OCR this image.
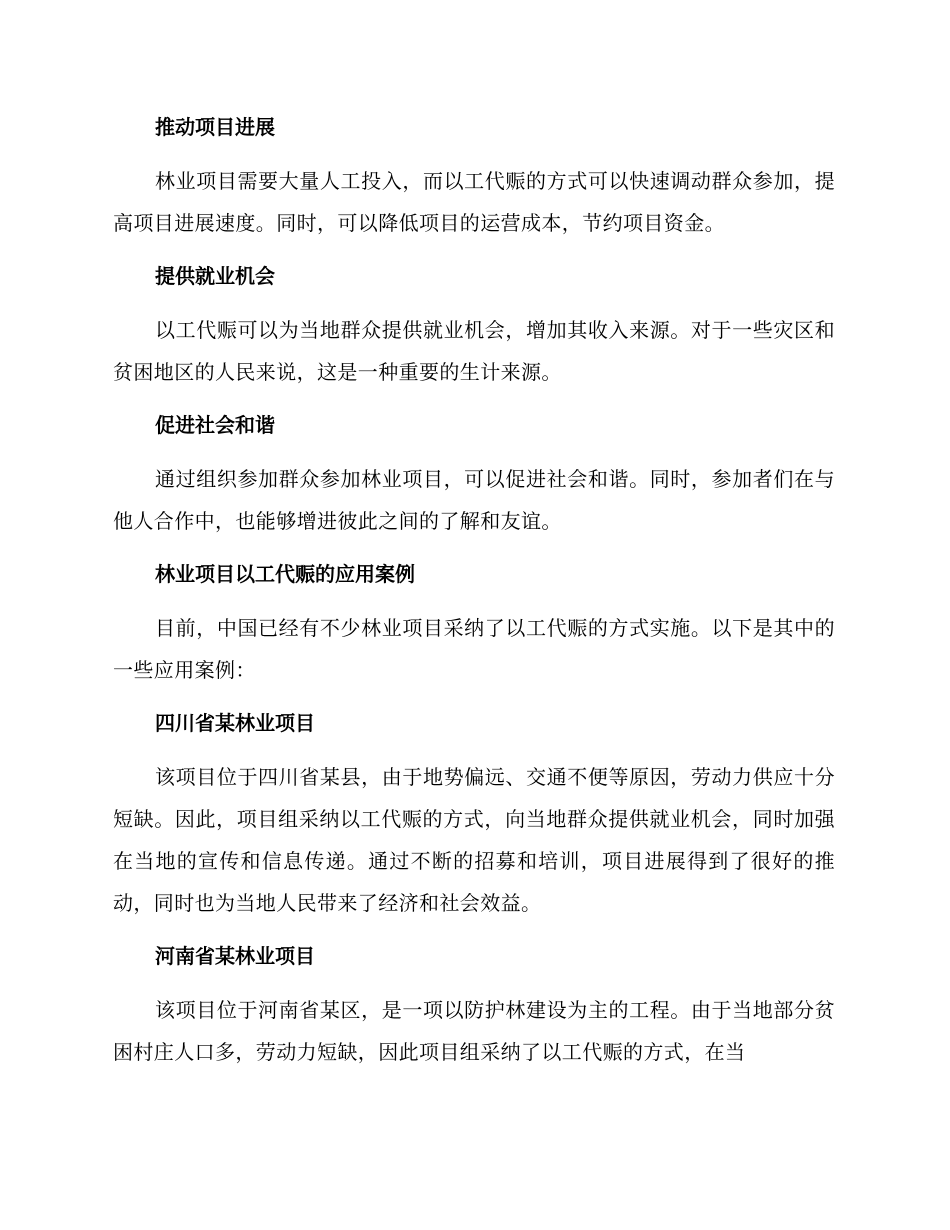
推动项目进展

林业项目需要大量人工投入，而以工代赈的方式可以快速调动群众参加，提高项目进展速度。同时，可以降低项目的运营成本，节约项目资金。

提供就业机会

以工代赈可以为当地群众提供就业机会，增加其收入来源。对于一些灾区和贫困地区的人民来说，这是一种重要的生计来源。

促进社会和谐

通过组织参加群众参加林业项目，可以促进社会和谐。同时，参加者们在与他人合作中，也能够增进彼此之间的了解和友谊。

林业项目以工代赈的应用案例

目前，中国已经有不少林业项目采纳了以工代赈的方式实施。以下是其中的一些应用案例：

四川省某林业项目

该项目位于四川省某县，由于地势偏远、交通不便等原因，劳动力供应十分短缺。因此，项目组采纳以工代赈的方式，向当地群众提供就业机会，同时加强在当地的宣传和信息传递。通过不断的招募和培训，项目进展得到了很好的推动，同时也为当地人民带来了经济和社会效益。

河南省某林业项目

该项目位于河南省某区，是一项以防护林建设为主的工程。由于当地部分贫困村庄人口多，劳动力短缺，因此项目组采纳了以工代赈的方式，在当
